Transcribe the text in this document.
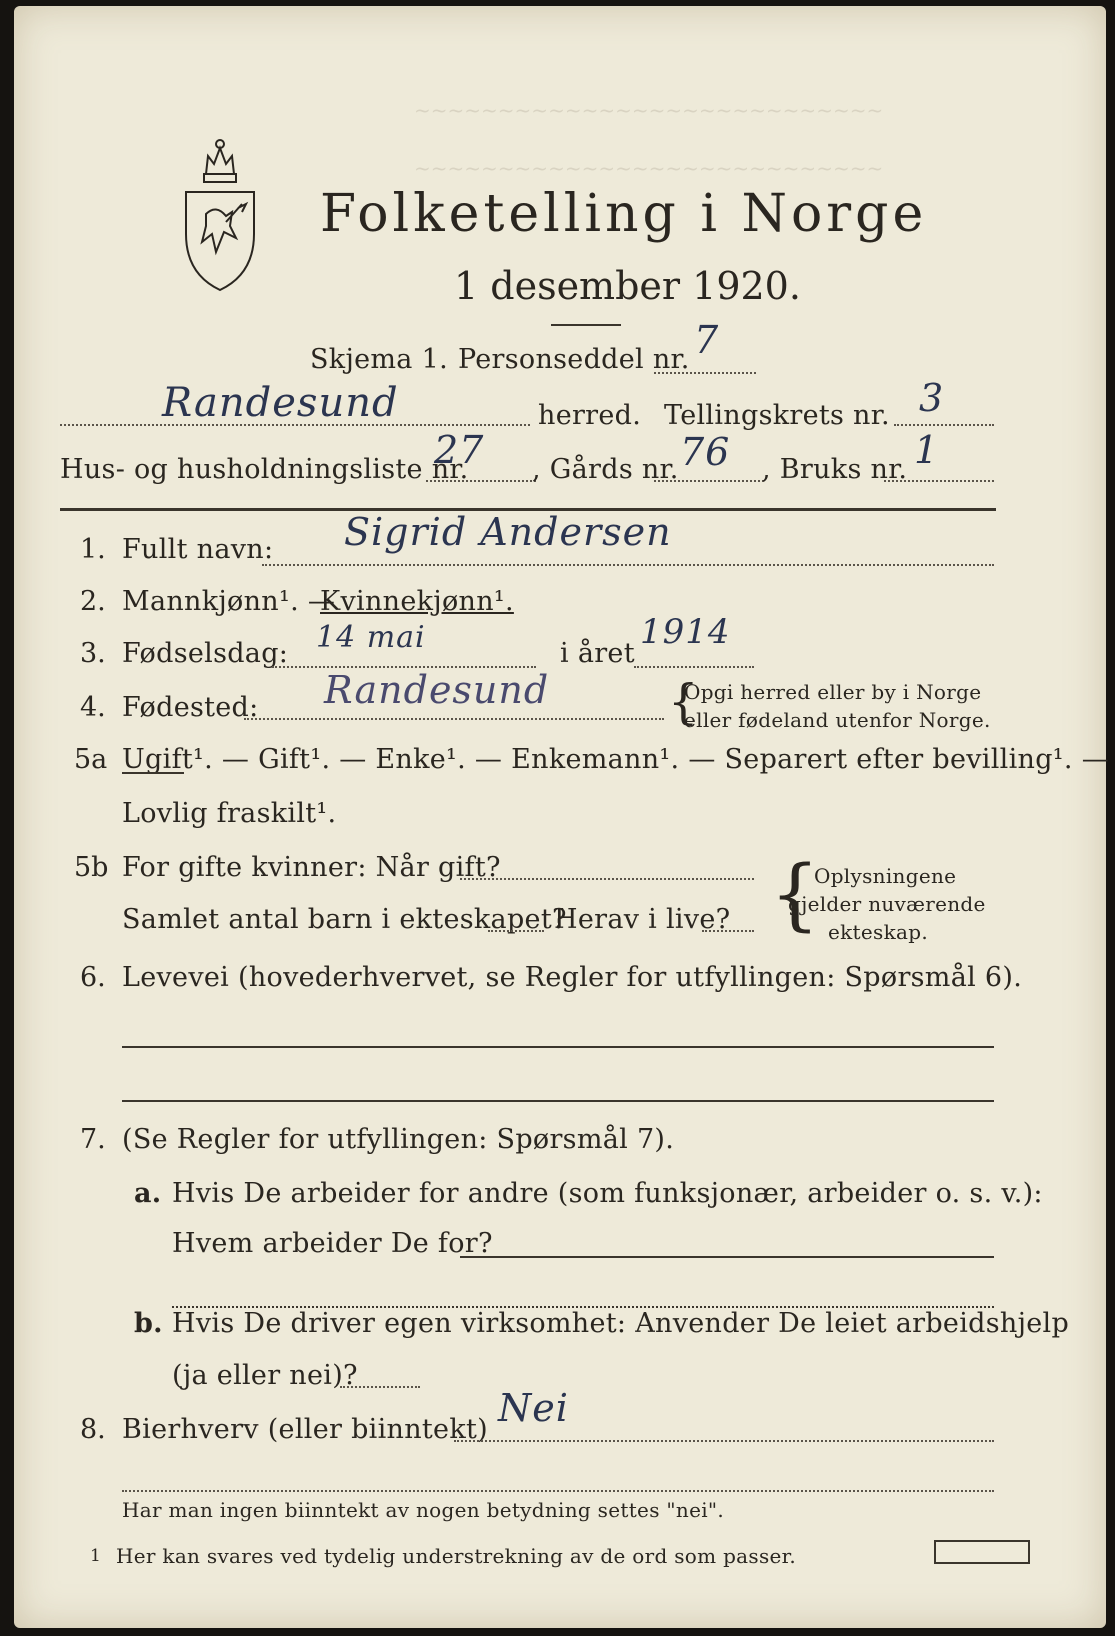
~~~~~~~~~~~~~~~~~~~~~~~~~~~~
~~~~~~~~~~~~~~~~~~~~~~~~~~~~
Folketelling i Norge
1 desember 1920.
Skjema 1. Personseddel nr. 7
Randesund	herred. Tellingskrets nr. 3
Hus- og husholdningsliste nr.
27 , Gårds nr. 76 , Bruks nr. 1
1. Fullt navn: Sigrid Andersen
2. Mannkjønn¹. —
Kvinnekjønn¹.
3. Fødselsdag: 14 mai	i året
1914
4. Fødested: Randesund {
Opgi herred eller by i Norge
eller fødeland utenfor Norge.
5a Ugift¹. — Gift¹. — Enke¹. — Enkemann¹. — Separert efter bevilling¹. —
Lovlig fraskilt¹.
5b For gifte kvinner: Når gift?
Samlet antal barn i ekteskapet?
Herav i live? {
Oplysningene
gjelder nuværende
ekteskap.
6. Levevei (hovederhvervet, se Regler for utfyllingen: Spørsmål 6).
7. (Se Regler for utfyllingen: Spørsmål 7).
a. Hvis De arbeider for andre (som funksjonær, arbeider o. s. v.):
Hvem arbeider De for?
b. Hvis De driver egen virksomhet: Anvender De leiet arbeidshjelp
(ja eller nei)?
8. Bierhverv (eller biinntekt) Nei
Har man ingen biinntekt av nogen betydning settes "nei".
1 Her kan svares ved tydelig understrekning av de ord som passer.
